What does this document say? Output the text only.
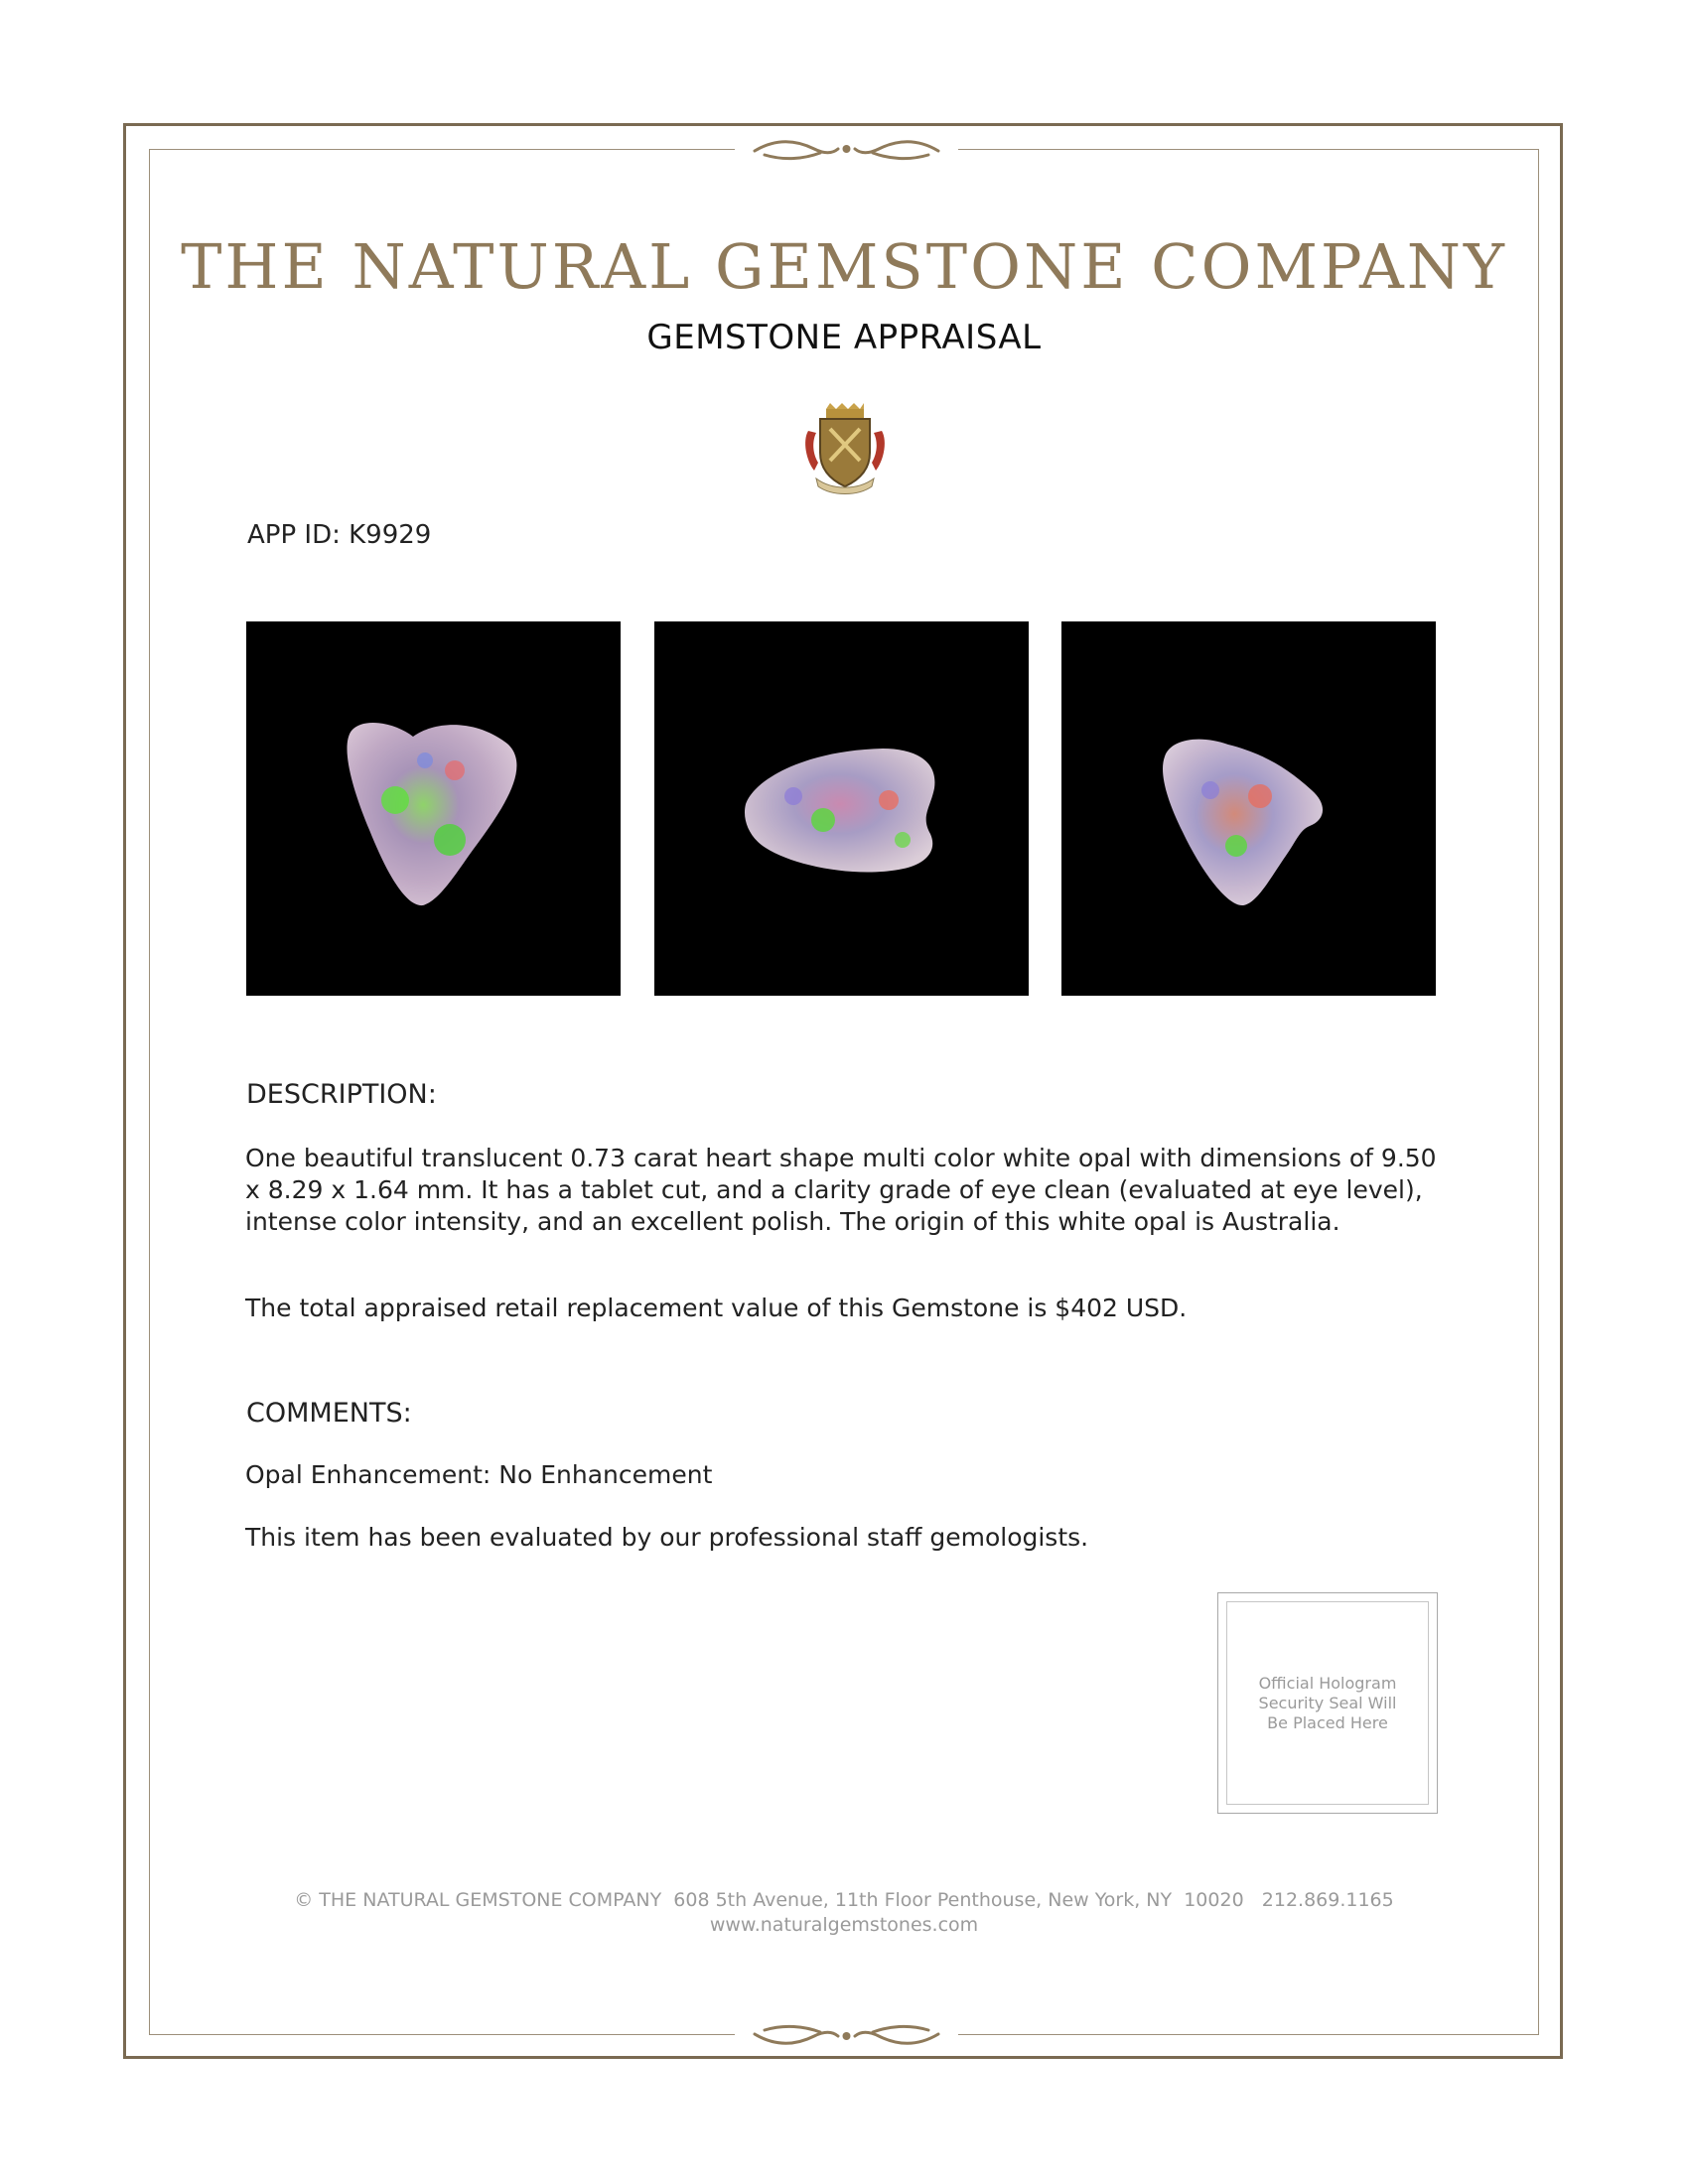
THE NATURAL GEMSTONE COMPANY
GEMSTONE APPRAISAL
APP ID: K9929
DESCRIPTION:
One beautiful translucent 0.73 carat heart shape multi color white opal with dimensions of 9.50 x 8.29 x 1.64 mm. It has a tablet cut, and a clarity grade of eye clean (evaluated at eye level), intense color intensity, and an excellent polish. The origin of this white opal is Australia.
The total appraised retail replacement value of this Gemstone is $402 USD.
COMMENTS:
Opal Enhancement: No Enhancement
This item has been evaluated by our professional staff gemologists.
Official Hologram Security Seal Will Be Placed Here
© THE NATURAL GEMSTONE COMPANY  608 5th Avenue, 11th Floor Penthouse, New York, NY  10020   212.869.1165
www.naturalgemstones.com
